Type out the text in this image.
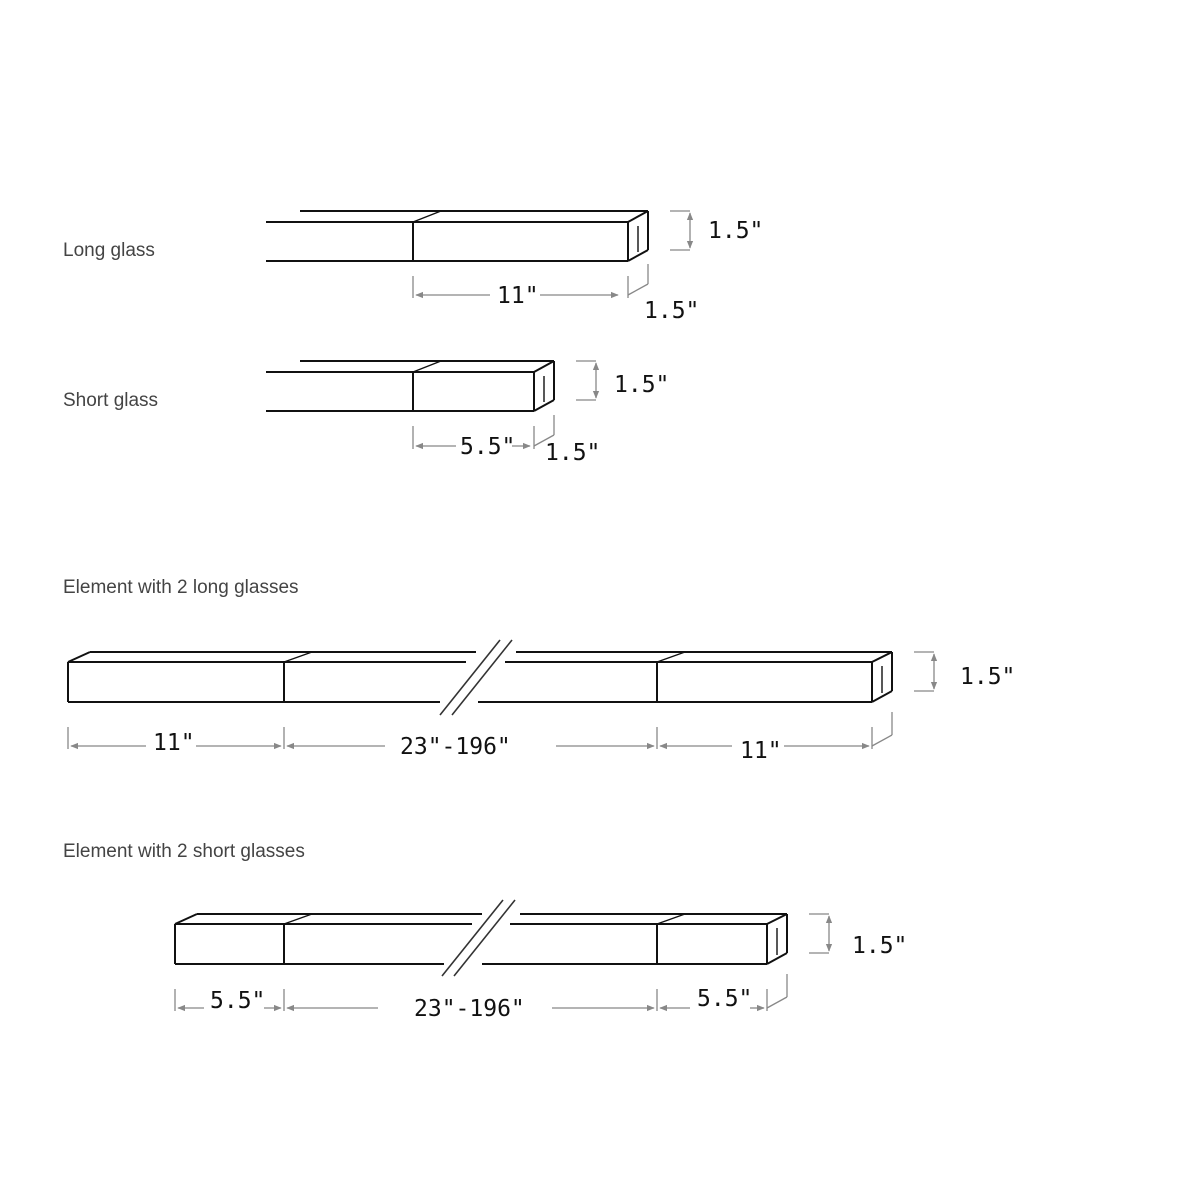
Long glass
1.5"
11"
1.5"
Short glass
1.5"
5.5" 1.5"
Element with 2 long glasses
1.5"
11"	23"-196"	11"
Element with 2 short glasses
1.5"
5.5"	23"-196"	5.5"
